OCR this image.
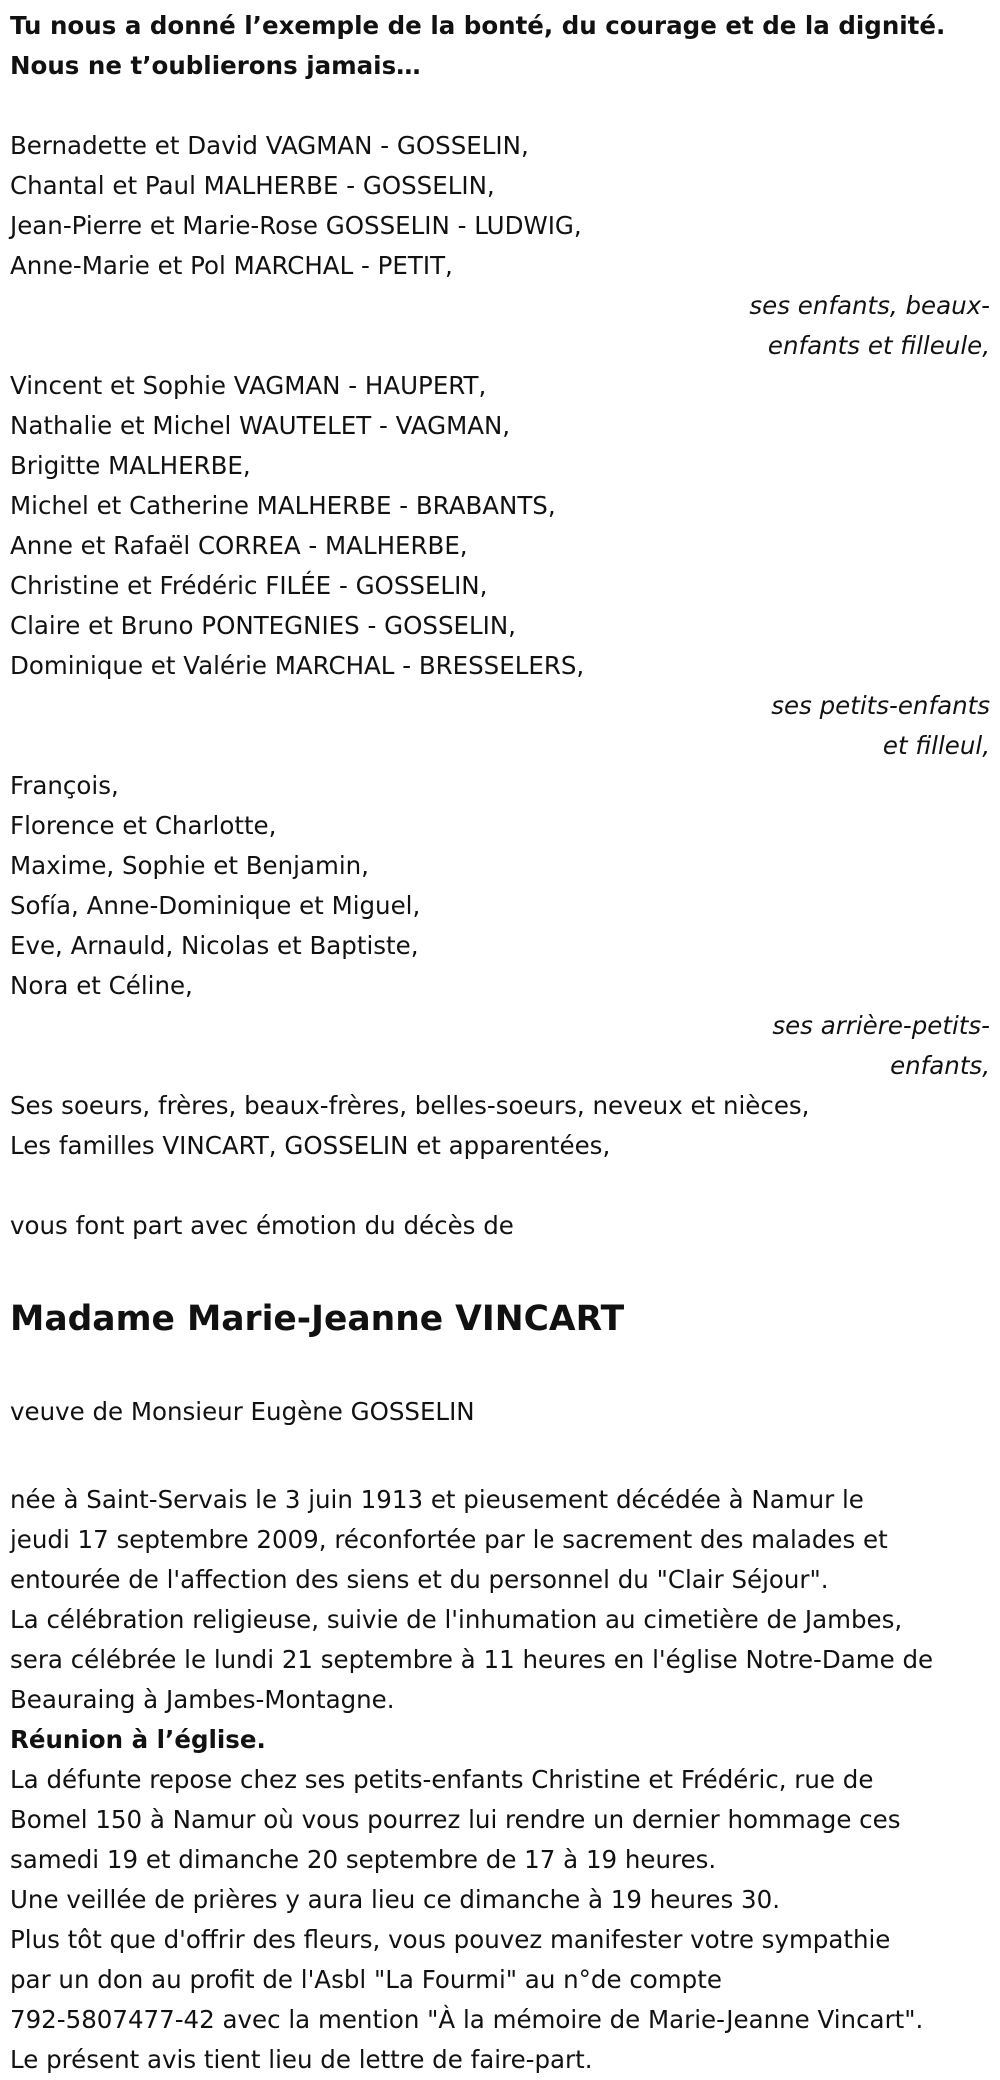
Tu nous a donné l’exemple de la bonté, du courage et de la dignité.
Nous ne t’oublierons jamais…
Bernadette et David VAGMAN - GOSSELIN,
Chantal et Paul MALHERBE - GOSSELIN,
Jean-Pierre et Marie-Rose GOSSELIN - LUDWIG,
Anne-Marie et Pol MARCHAL - PETIT,
ses enfants, beaux-
enfants et filleule,
Vincent et Sophie VAGMAN - HAUPERT,
Nathalie et Michel WAUTELET - VAGMAN,
Brigitte MALHERBE,
Michel et Catherine MALHERBE - BRABANTS,
Anne et Rafaël CORREA - MALHERBE,
Christine et Frédéric FILÉE - GOSSELIN,
Claire et Bruno PONTEGNIES - GOSSELIN,
Dominique et Valérie MARCHAL - BRESSELERS,
ses petits-enfants
et filleul,
François,
Florence et Charlotte,
Maxime, Sophie et Benjamin,
Sofía, Anne-Dominique et Miguel,
Eve, Arnauld, Nicolas et Baptiste,
Nora et Céline,
ses arrière-petits-
enfants,
Ses soeurs, frères, beaux-frères, belles-soeurs, neveux et nièces,
Les familles VINCART, GOSSELIN et apparentées,
vous font part avec émotion du décès de
Madame Marie-Jeanne VINCART
veuve de Monsieur Eugène GOSSELIN
née à Saint-Servais le 3 juin 1913 et pieusement décédée à Namur le
jeudi 17 septembre 2009, réconfortée par le sacrement des malades et
entourée de l'affection des siens et du personnel du "Clair Séjour".
La célébration religieuse, suivie de l'inhumation au cimetière de Jambes,
sera célébrée le lundi 21 septembre à 11 heures en l'église Notre-Dame de
Beauraing à Jambes-Montagne.
Réunion à l’église.
La défunte repose chez ses petits-enfants Christine et Frédéric, rue de
Bomel 150 à Namur où vous pourrez lui rendre un dernier hommage ces
samedi 19 et dimanche 20 septembre de 17 à 19 heures.
Une veillée de prières y aura lieu ce dimanche à 19 heures 30.
Plus tôt que d'offrir des fleurs, vous pouvez manifester votre sympathie
par un don au profit de l'Asbl "La Fourmi" au n°de compte
792-5807477-42 avec la mention "À la mémoire de Marie-Jeanne Vincart".
Le présent avis tient lieu de lettre de faire-part.
